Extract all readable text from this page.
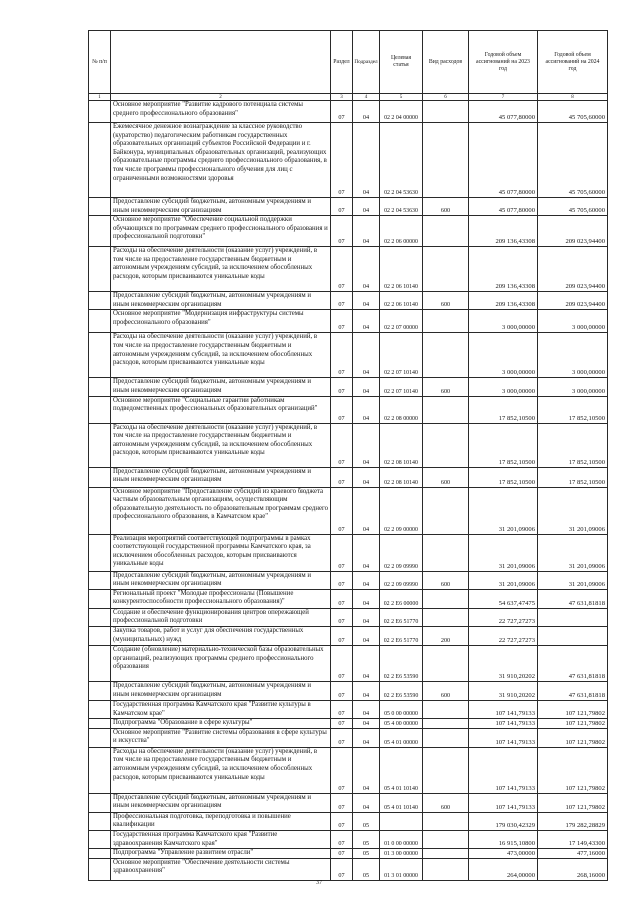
№ п/п		Раздел	Подраздел	Целевая статья	Вид расходов	Годовой объем ассигнований на 2023 год	Годовой объем ассигнований на 2024 год
1	2	3	4	5	6	7	8
	Основное мероприятие "Развитие кадрового потенциала системы среднего профессионального образования"	07	04	02 2 04 00000		45 077,80000	45 705,60000
	Ежемесячное денежное вознаграждение за классное руководство (кураторство) педагогическим работникам государственных образовательных организаций субъектов Российской Федерации и г. Байконура, муниципальных образовательных организаций, реализующих образовательные программы среднего профессионального образования, в том числе программы профессионального обучения для лиц с ограниченными возможностями здоровья	07	04	02 2 04 53630		45 077,80000	45 705,60000
	Предоставление субсидий бюджетным, автономным учреждениям и иным некоммерческим организациям	07	04	02 2 04 53630	600	45 077,80000	45 705,60000
	Основное мероприятие "Обеспечение социальной поддержки обучающихся по программам среднего профессионального образования и профессиональной подготовки"	07	04	02 2 06 00000		209 136,43308	209 023,94400
	Расходы на обеспечение деятельности (оказание услуг) учреждений, в том числе на предоставление государственным бюджетным и автономным учреждениям субсидий, за исключением обособленных расходов, которым присваиваются уникальные коды	07	04	02 2 06 10140		209 136,43308	209 023,94400
	Предоставление субсидий бюджетным, автономным учреждениям и иным некоммерческим организациям	07	04	02 2 06 10140	600	209 136,43308	209 023,94400
	Основное мероприятие "Модернизация инфраструктуры системы профессионального образования"	07	04	02 2 07 00000		3 000,00000	3 000,00000
	Расходы на обеспечение деятельности (оказание услуг) учреждений, в том числе на предоставление государственным бюджетным и автономным учреждениям субсидий, за исключением обособленных расходов, которым присваиваются уникальные коды	07	04	02 2 07 10140		3 000,00000	3 000,00000
	Предоставление субсидий бюджетным, автономным учреждениям и иным некоммерческим организациям	07	04	02 2 07 10140	600	3 000,00000	3 000,00000
	Основное мероприятие "Социальные гарантии работникам подведомственных профессиональных образовательных организаций"	07	04	02 2 08 00000		17 852,10500	17 852,10500
	Расходы на обеспечение деятельности (оказание услуг) учреждений, в том числе на предоставление государственным бюджетным и автономным учреждениям субсидий, за исключением обособленных расходов, которым присваиваются уникальные коды	07	04	02 2 08 10140		17 852,10500	17 852,10500
	Предоставление субсидий бюджетным, автономным учреждениям и иным некоммерческим организациям	07	04	02 2 08 10140	600	17 852,10500	17 852,10500
	Основное мероприятие "Предоставление субсидий из краевого бюджета частным образовательным организациям, осуществляющим образовательную деятельность по образовательным программам среднего профессионального образования, в Камчатском крае"	07	04	02 2 09 00000		31 201,09006	31 201,09006
	Реализация мероприятий соответствующей подпрограммы в рамках соответствующей государственной программы Камчатского края, за исключением обособленных расходов, которым присваиваются уникальные коды	07	04	02 2 09 09990		31 201,09006	31 201,09006
	Предоставление субсидий бюджетным, автономным учреждениям и иным некоммерческим организациям	07	04	02 2 09 09990	600	31 201,09006	31 201,09006
	Региональный проект "Молодые профессионалы (Повышение конкурентоспособности профессионального образования)"	07	04	02 2 E6 00000		54 637,47475	47 631,81818
	Создание и обеспечение функционирования центров опережающей профессиональной подготовки	07	04	02 2 E6 51770		22 727,27273	
	Закупка товаров, работ и услуг для обеспечения государственных (муниципальных) нужд	07	04	02 2 E6 51770	200	22 727,27273	
	Создание (обновление) материально-технической базы образовательных организаций, реализующих программы среднего профессионального образования	07	04	02 2 E6 53590		31 910,20202	47 631,81818
	Предоставление субсидий бюджетным, автономным учреждениям и иным некоммерческим организациям	07	04	02 2 E6 53590	600	31 910,20202	47 631,81818
	Государственная программа Камчатского края "Развитие культуры в Камчатском крае"	07	04	05 0 00 00000		107 141,79133	107 121,79802
	Подпрограмма "Образование в сфере культуры"	07	04	05 4 00 00000		107 141,79133	107 121,79802
	Основное мероприятие "Развитие системы образования в сфере культуры и искусства"	07	04	05 4 01 00000		107 141,79133	107 121,79802
	Расходы на обеспечение деятельности (оказание услуг) учреждений, в том числе на предоставление государственным бюджетным и автономным учреждениям субсидий, за исключением обособленных расходов, которым присваиваются уникальные коды	07	04	05 4 01 10140		107 141,79133	107 121,79802
	Предоставление субсидий бюджетным, автономным учреждениям и иным некоммерческим организациям	07	04	05 4 01 10140	600	107 141,79133	107 121,79802
	Профессиональная подготовка, переподготовка и повышение квалификации	07	05			179 030,42329	179 282,28829
	Государственная программа Камчатского края "Развитие здравоохранения Камчатского края"	07	05	01 0 00 00000		16 915,10800	17 149,43300
	Подпрограмма "Управление развитием отрасли"	07	05	01 3 00 00000		473,00000	477,16000
	Основное мероприятие "Обеспечение деятельности системы здравоохранения"	07	05	01 3 01 00000		264,00000	268,16000
37
